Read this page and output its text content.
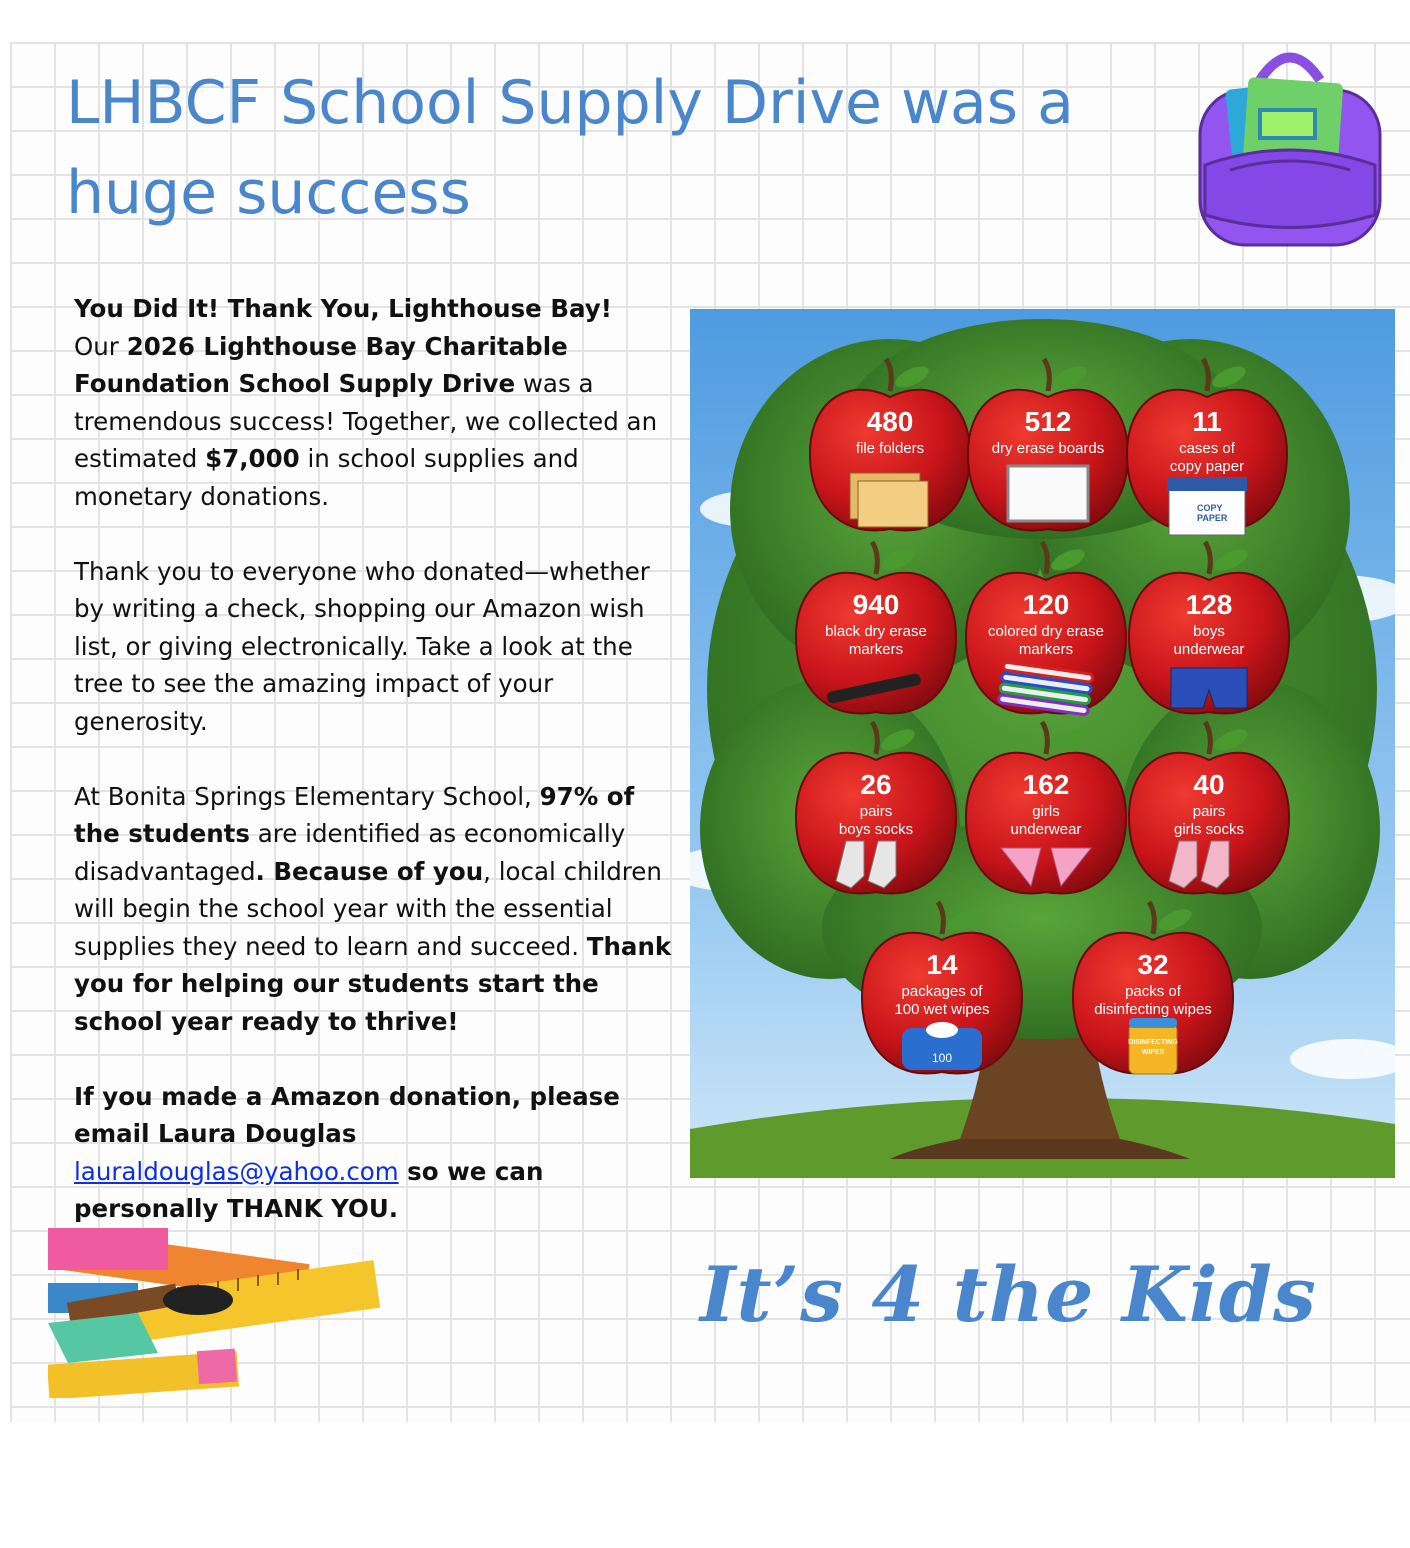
LHBCF School Supply Drive was a huge success

You Did It! Thank You, Lighthouse Bay!
Our 2026 Lighthouse Bay Charitable Foundation School Supply Drive was a tremendous success! Together, we collected an estimated $7,000 in school supplies and monetary donations.

Thank you to everyone who donated—whether by writing a check, shopping our Amazon wish list, or giving electronically. Take a look at the tree to see the amazing impact of your generosity.

At Bonita Springs Elementary School, 97% of the students are identified as economically disadvantaged. Because of you, local children will begin the school year with the essential supplies they need to learn and succeed. Thank you for helping our students start the school year ready to thrive!

If you made a Amazon donation, please email Laura Douglas lauraldouglas@yahoo.com so we can personally THANK YOU.

480
file folders
512
dry erase boards
11
cases of
copy paper
COPY
PAPER
940
black dry erase
markers
120
colored dry erase
markers
128
boys
underwear
26
pairs
boys socks
162
girls
underwear
40
pairs
girls socks
14
packages of
100 wet wipes
100
32
packs of
disinfecting wipes
DISINFECTING
WIPES
It’s 4 the Kids
